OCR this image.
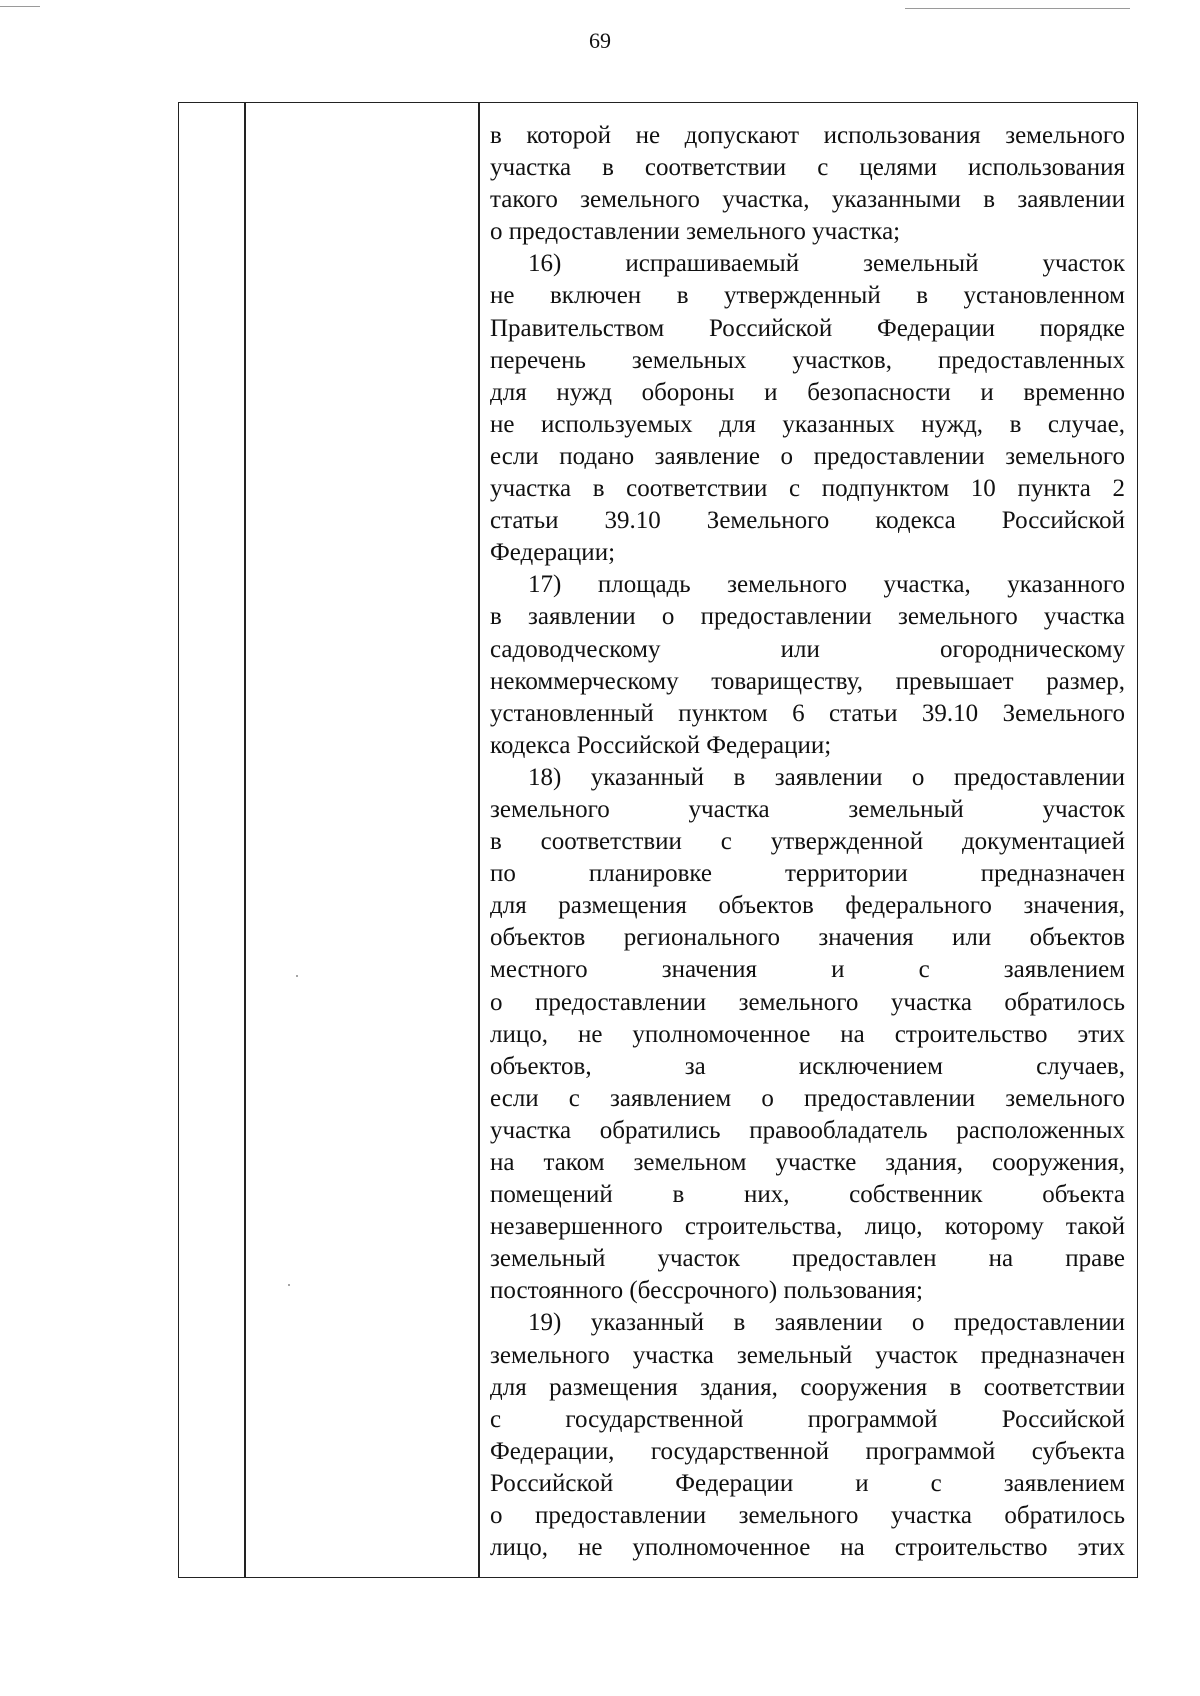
69

в которой не допускают использования земельного
участка в соответствии с целями использования
такого земельного участка, указанными в заявлении
о предоставлении земельного участка;

16) испрашиваемый земельный участок
не включен в утвержденный в установленном
Правительством Российской Федерации порядке
перечень земельных участков, предоставленных
для нужд обороны и безопасности и временно
не используемых для указанных нужд, в случае,
если подано заявление о предоставлении земельного
участка в соответствии с подпунктом 10 пункта 2
статьи 39.10 Земельного кодекса Российской
Федерации;

17) площадь земельного участка, указанного
в заявлении о предоставлении земельного участка
садоводческому или огородническому
некоммерческому товариществу, превышает размер,
установленный пунктом 6 статьи 39.10 Земельного
кодекса Российской Федерации;

18) указанный в заявлении о предоставлении
земельного участка земельный участок
в соответствии с утвержденной документацией
по планировке территории предназначен
для размещения объектов федерального значения,
объектов регионального значения или объектов
местного значения и с заявлением
о предоставлении земельного участка обратилось
лицо, не уполномоченное на строительство этих
объектов, за исключением случаев,
если с заявлением о предоставлении земельного
участка обратились правообладатель расположенных
на таком земельном участке здания, сооружения,
помещений в них, собственник объекта
незавершенного строительства, лицо, которому такой
земельный участок предоставлен на праве
постоянного (бессрочного) пользования;

19) указанный в заявлении о предоставлении
земельного участка земельный участок предназначен
для размещения здания, сооружения в соответствии
с государственной программой Российской
Федерации, государственной программой субъекта
Российской Федерации и с заявлением
о предоставлении земельного участка обратилось
лицо, не уполномоченное на строительство этих
